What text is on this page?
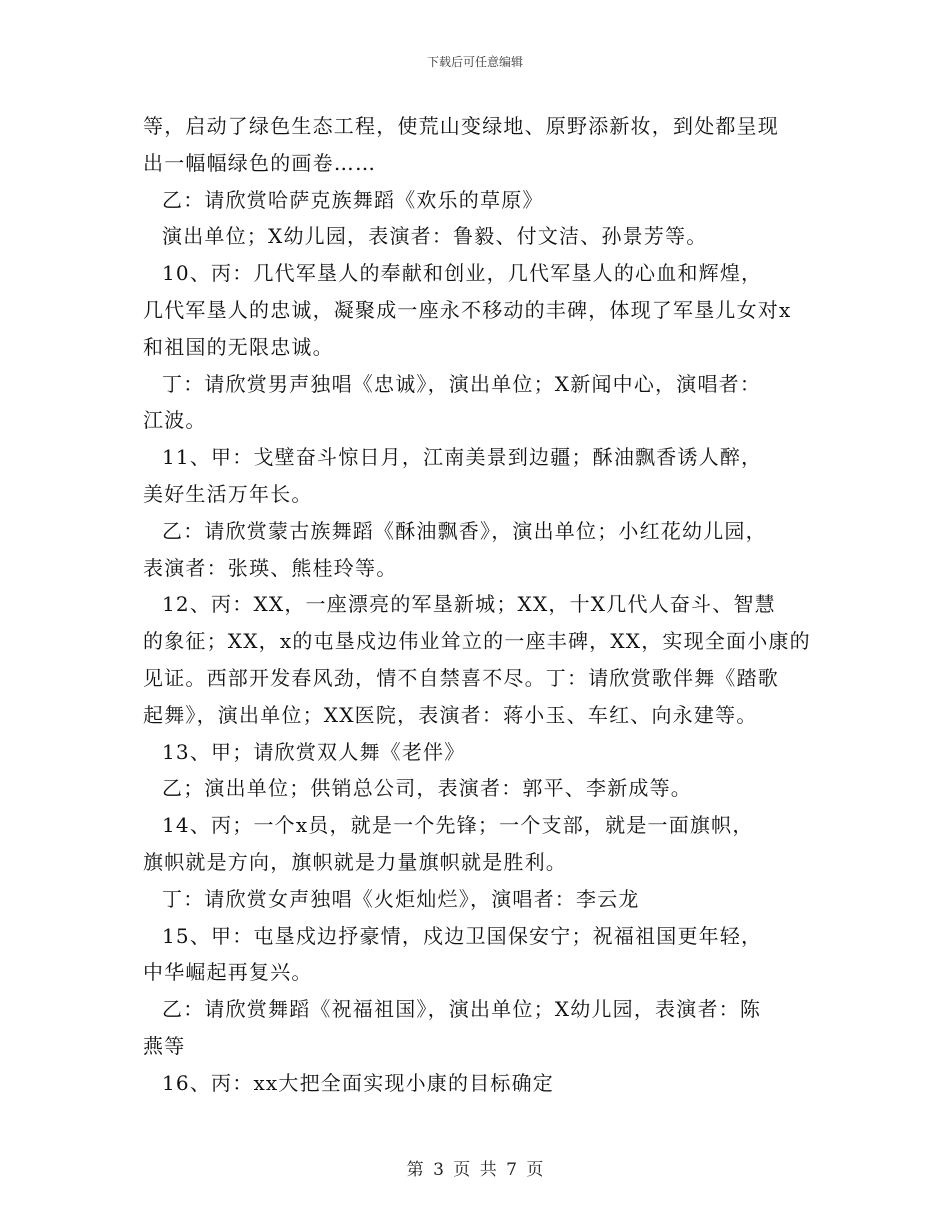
下载后可任意编辑
等，启动了绿色生态工程，使荒山变绿地、原野添新妆，到处都呈现
出一幅幅绿色的画卷……
乙：请欣赏哈萨克族舞蹈《欢乐的草原》
演出单位；X幼儿园，表演者：鲁毅、付文洁、孙景芳等。
10、丙：几代军垦人的奉献和创业，几代军垦人的心血和辉煌，
几代军垦人的忠诚，凝聚成一座永不移动的丰碑，体现了军垦儿女对x
和祖国的无限忠诚。
丁：请欣赏男声独唱《忠诚》，演出单位；X新闻中心，演唱者：
江波。
11、甲：戈壁奋斗惊日月，江南美景到边疆；酥油飘香诱人醉，
美好生活万年长。
乙：请欣赏蒙古族舞蹈《酥油飘香》，演出单位；小红花幼儿园，
表演者：张瑛、熊桂玲等。
12、丙：XX，一座漂亮的军垦新城；XX，十X几代人奋斗、智慧
的象征；XX，x的屯垦戍边伟业耸立的一座丰碑，XX，实现全面小康的
见证。西部开发春风劲，情不自禁喜不尽。丁：请欣赏歌伴舞《踏歌
起舞》，演出单位；XX医院，表演者：蒋小玉、车红、向永建等。
13、甲；请欣赏双人舞《老伴》
乙；演出单位；供销总公司，表演者：郭平、李新成等。
14、丙；一个x员，就是一个先锋；一个支部，就是一面旗帜，
旗帜就是方向，旗帜就是力量旗帜就是胜利。
丁：请欣赏女声独唱《火炬灿烂》，演唱者：李云龙
15、甲：屯垦戍边抒豪情，戍边卫国保安宁；祝福祖国更年轻，
中华崛起再复兴。
乙：请欣赏舞蹈《祝福祖国》，演出单位；X幼儿园，表演者：陈
燕等
16、丙：xx大把全面实现小康的目标确定
第 3 页 共 7 页
